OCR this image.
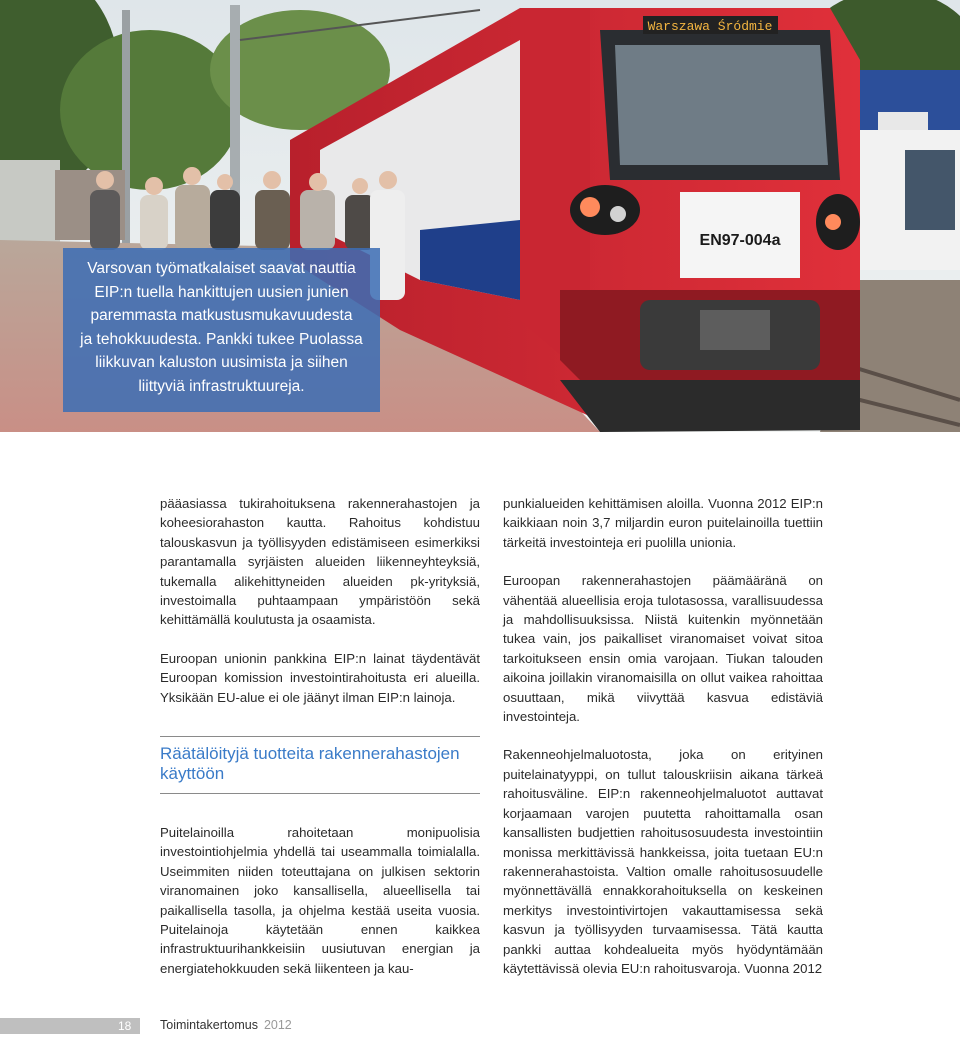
Warszawa Śródmie
EN97-004a

Varsovan työmatkalaiset saavat nauttia

EIP:n tuella hankittujen uusien junien

paremmasta matkustusmukavuudesta

ja tehokkuudesta. Pankki tukee Puolassa

liikkuvan kaluston uusimista ja siihen

liittyviä infrastruktuureja.

pääasiassa tukirahoituksena rakennerahastojen ja koheesiorahaston kautta. Rahoitus kohdistuu talouskasvun ja työllisyyden edistämiseen esimerkiksi parantamalla syrjäisten alueiden liikenneyhteyksiä, tukemalla alikehittyneiden alueiden pk-yrityksiä, investoimalla puhtaampaan ympäristöön sekä kehittämällä koulutusta ja osaamista.

Euroopan unionin pankkina EIP:n lainat täydentävät Euroopan komission investointirahoitusta eri alueilla. Yksikään EU-alue ei ole jäänyt ilman EIP:n lainoja.

Räätälöityjä tuotteita rakennerahastojen käyttöön

Puitelainoilla rahoitetaan monipuolisia investointiohjelmia yhdellä tai useammalla toimialalla. Useimmiten niiden toteuttajana on julkisen sektorin viranomainen joko kansallisella, alueellisella tai paikallisella tasolla, ja ohjelma kestää useita vuosia. Puitelainoja käytetään ennen kaikkea infrastruktuurihankkeisiin uusiutuvan energian ja energiatehokkuuden sekä liikenteen ja kau-

punkialueiden kehittämisen aloilla. Vuonna 2012 EIP:n kaikkiaan noin 3,7 miljardin euron puitelainoilla tuettiin tärkeitä investointeja eri puolilla unionia.

Euroopan rakennerahastojen päämääränä on vähentää alueellisia eroja tulotasossa, varallisuudessa ja mahdollisuuksissa. Niistä kuitenkin myönnetään tukea vain, jos paikalliset viranomaiset voivat sitoa tarkoitukseen ensin omia varojaan. Tiukan talouden aikoina joillakin viranomaisilla on ollut vaikea rahoittaa osuuttaan, mikä viivyttää kasvua edistäviä investointeja.

Rakenneohjelmaluotosta, joka on erityinen puitelainatyyppi, on tullut talouskriisin aikana tärkeä rahoitusväline. EIP:n rakenneohjelmaluotot auttavat korjaamaan varojen puutetta rahoittamalla osan kansallisten budjettien rahoitusosuudesta investointiin monissa merkittävissä hankkeissa, joita tuetaan EU:n rakennerahastoista. Valtion omalle rahoitusosuudelle myönnettävällä ennakkorahoituksella on keskeinen merkitys investointivirtojen vakauttamisessa sekä kasvun ja työllisyyden turvaamisessa. Tätä kautta pankki auttaa kohdealueita myös hyödyntämään käytettävissä olevia EU:n rahoitusvaroja. Vuonna 2012

18 Toimintakertomus 2012
